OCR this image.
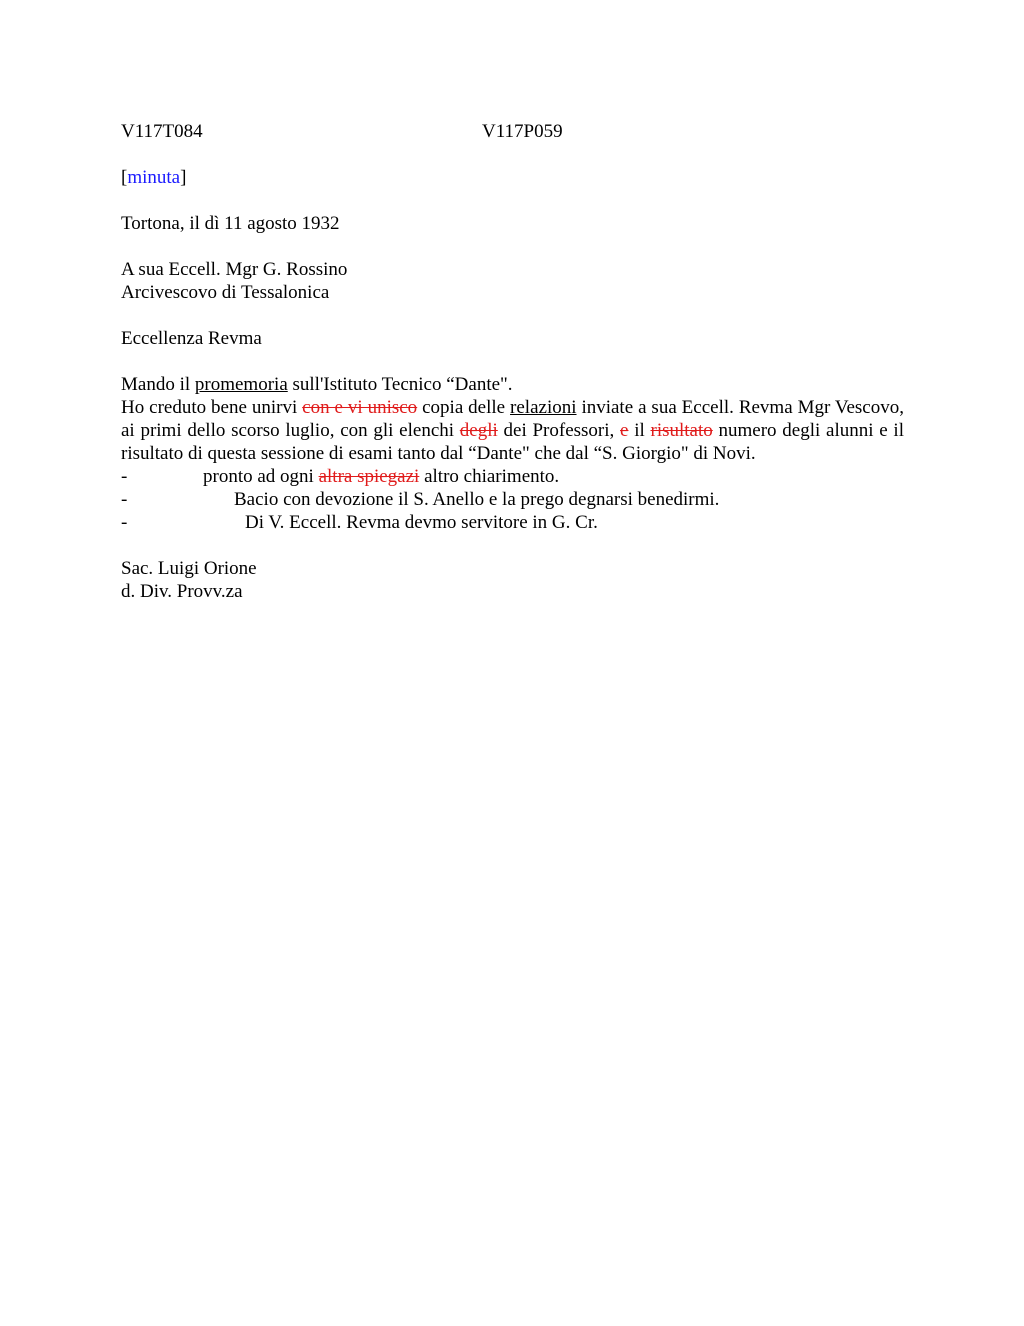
V117T084	V117P059
[minuta]
Tortona, il dì 11 agosto 1932
A sua Eccell. Mgr G. Rossino
Arcivescovo di Tessalonica
Eccellenza Revma
Mando il promemoria sull'Istituto Tecnico “Dante".
Ho creduto bene unirvi con e vi unisco copia delle relazioni inviate a sua Eccell. Revma Mgr Vescovo, ai primi dello scorso luglio, con gli elenchi degli dei Professori, e il risultato numero degli alunni e il risultato di questa sessione di esami tanto dal “Dante" che dal “S. Giorgio" di Novi.
-	pronto ad ogni altra spiegazi altro chiarimento.
-	Bacio con devozione il S. Anello e la prego degnarsi benedirmi.
-	Di V. Eccell. Revma devmo servitore in G. Cr.
Sac. Luigi Orione
d. Div. Provv.za
